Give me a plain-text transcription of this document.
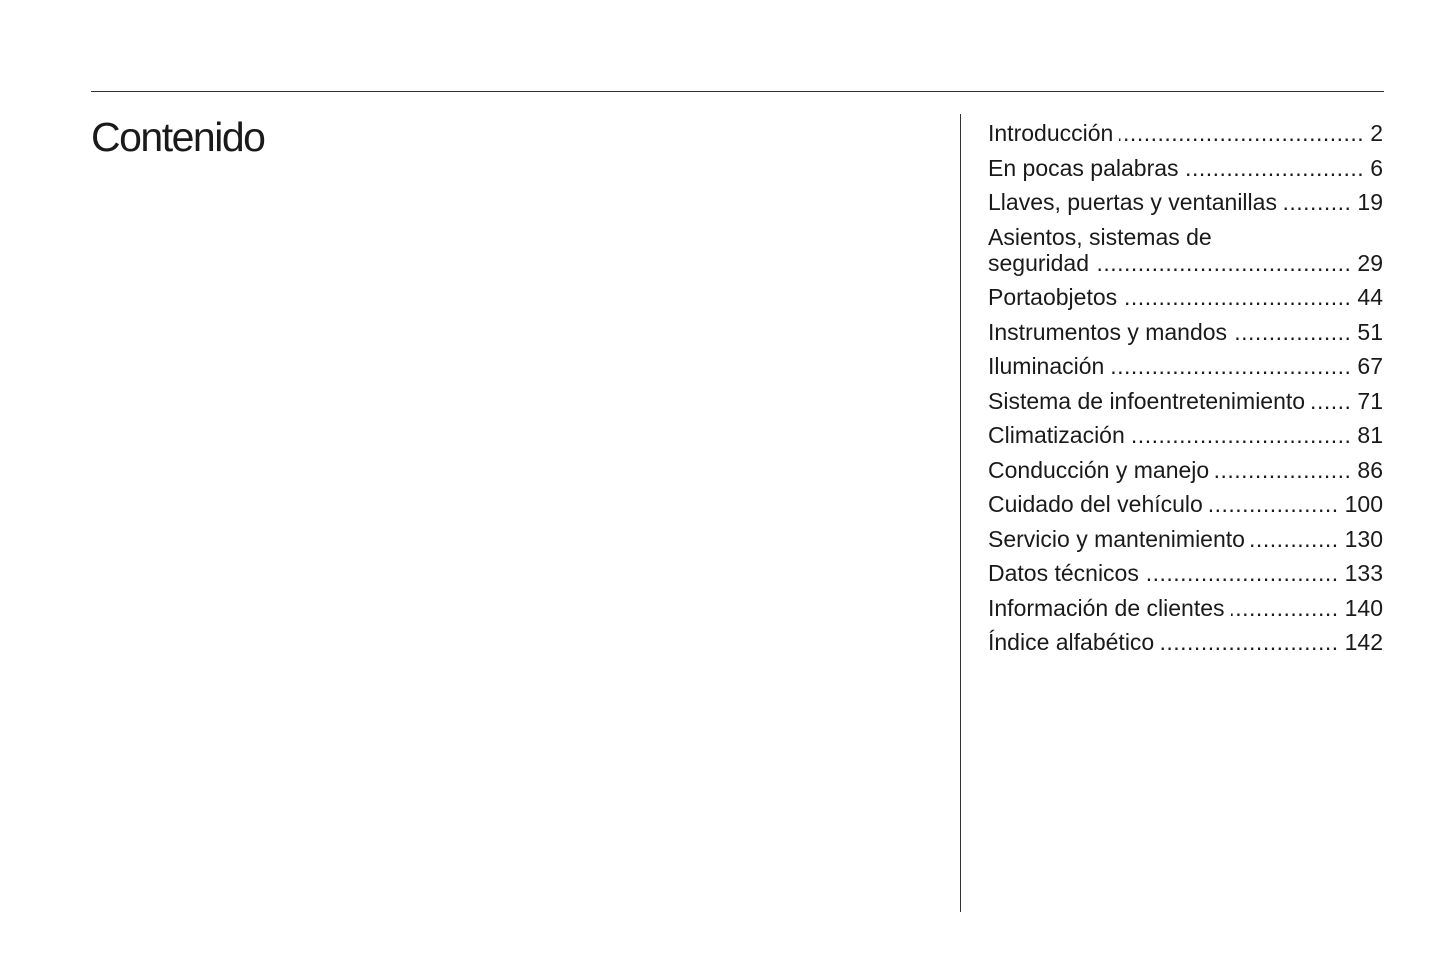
Contenido	Introducción .....	2
En pocas palabras .....	6
Llaves, puertas y ventanillas .....	19
Asientos, sistemas de
seguridad .....	29
Portaobjetos .....	44
Instrumentos y mandos .....	51
Iluminación .....	67
Sistema de infoentretenimiento ..... 71
Climatización .....	81
Conducción y manejo .....	86
Cuidado del vehículo .....	100
Servicio y mantenimiento .....	130
Datos técnicos .....	133
Información de clientes .....	140
Índice alfabético .....	142
